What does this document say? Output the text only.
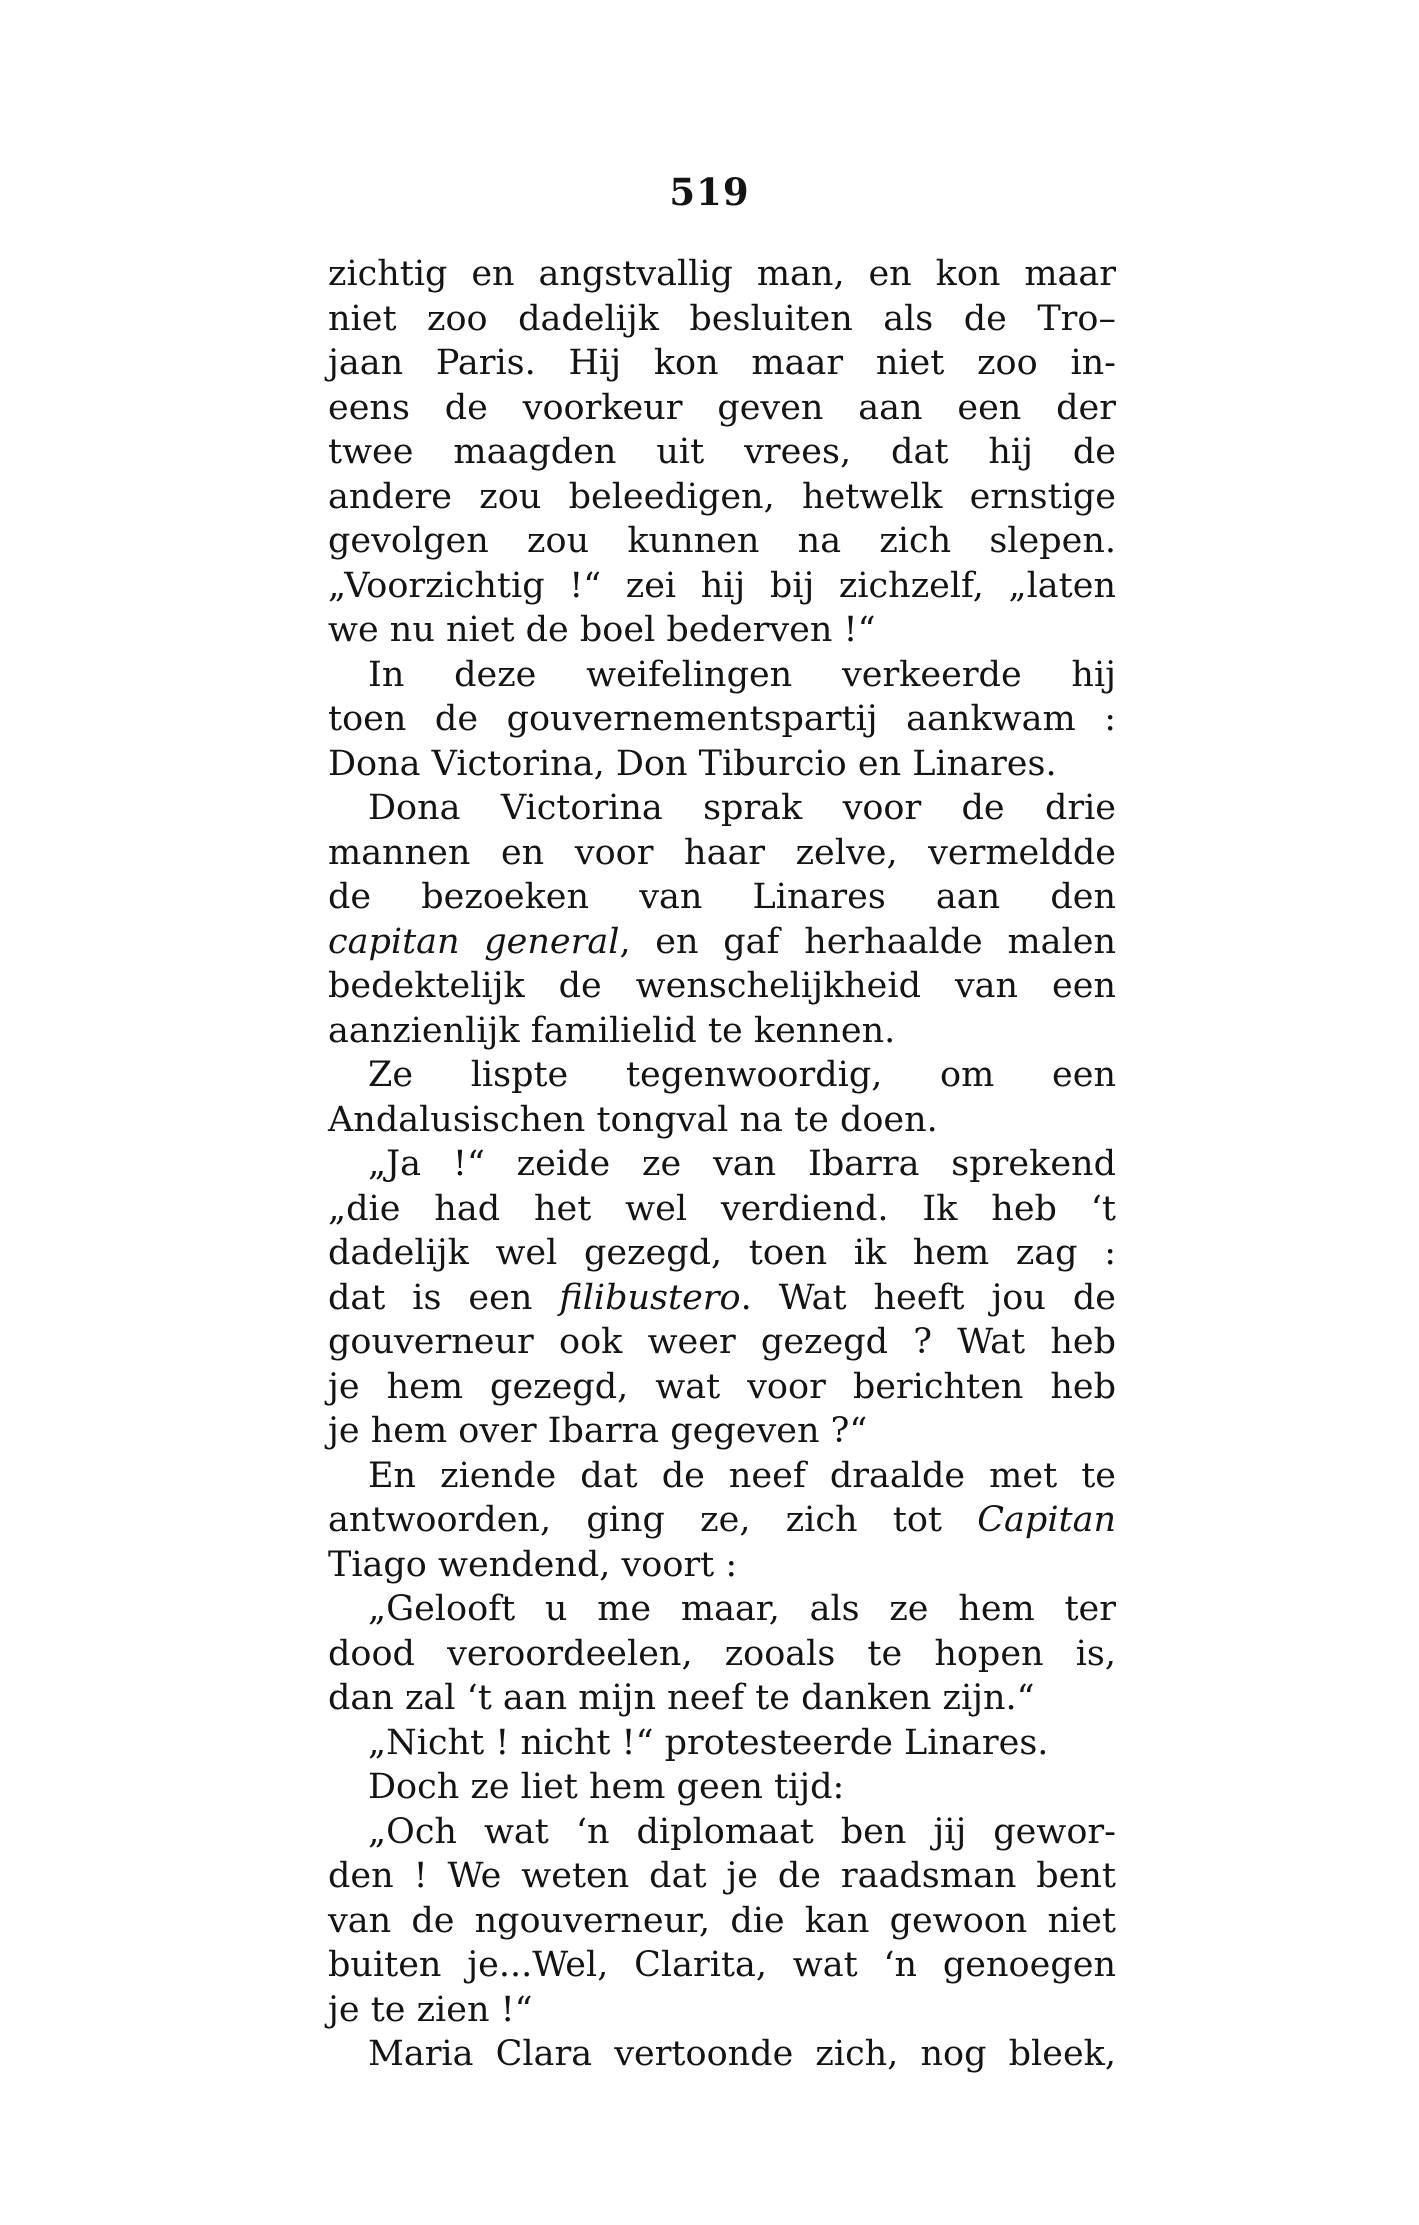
519
zichtig en angstvallig man, en kon maar
niet zoo dadelijk besluiten als de Tro–
jaan Paris. Hij kon maar niet zoo in-
eens de voorkeur geven aan een der
twee maagden uit vrees, dat hij de
andere zou beleedigen, hetwelk ernstige
gevolgen zou kunnen na zich slepen.
„Voorzichtig !“ zei hij bij zichzelf, „laten
we nu niet de boel bederven !“
In deze weifelingen verkeerde hij
toen de gouvernementspartij aankwam :
Dona Victorina, Don Tiburcio en Linares.
Dona Victorina sprak voor de drie
mannen en voor haar zelve, vermeldde
de bezoeken van Linares aan den
capitan general, en gaf herhaalde malen
bedektelijk de wenschelijkheid van een
aanzienlijk familielid te kennen.
Ze lispte tegenwoordig, om een
Andalusischen tongval na te doen.
„Ja !“ zeide ze van Ibarra sprekend
„die had het wel verdiend. Ik heb ‘t
dadelijk wel gezegd, toen ik hem zag :
dat is een filibustero. Wat heeft jou de
gouverneur ook weer gezegd ? Wat heb
je hem gezegd, wat voor berichten heb
je hem over Ibarra gegeven ?“
En ziende dat de neef draalde met te
antwoorden, ging ze, zich tot Capitan
Tiago wendend, voort :
„Gelooft u me maar, als ze hem ter
dood veroordeelen, zooals te hopen is,
dan zal ‘t aan mijn neef te danken zijn.“
„Nicht ! nicht !“ protesteerde Linares.
Doch ze liet hem geen tijd:
„Och wat ‘n diplomaat ben jij gewor-
den ! We weten dat je de raadsman bent
van de ngouverneur, die kan gewoon niet
buiten je...Wel, Clarita, wat ‘n genoegen
je te zien !“
Maria Clara vertoonde zich, nog bleek,
